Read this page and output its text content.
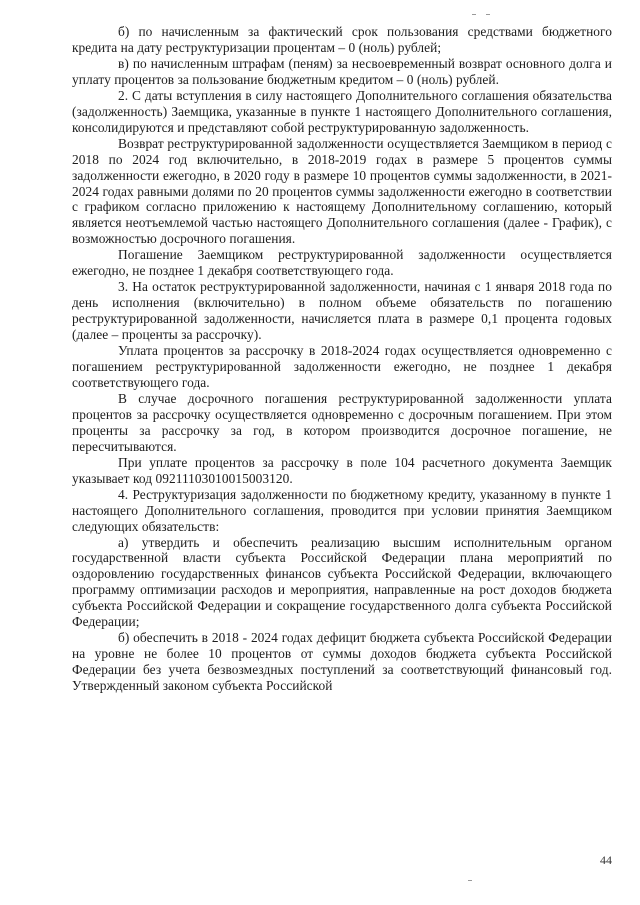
б) по начисленным за фактический срок пользования средствами бюджетного кредита на дату реструктуризации процентам – 0 (ноль) рублей;

в) по начисленным штрафам (пеням) за несвоевременный возврат основного долга и уплату процентов за пользование бюджетным кредитом – 0 (ноль) рублей.

2. С даты вступления в силу настоящего Дополнительного соглашения обязательства (задолженность) Заемщика, указанные в пункте 1 настоящего Дополнительного соглашения, консолидируются и представляют собой реструктурированную задолженность.

Возврат реструктурированной задолженности осуществляется Заемщиком в период с 2018 по 2024 год включительно, в 2018-2019 годах в размере 5 процентов суммы задолженности ежегодно, в 2020 году в размере 10 процентов суммы задолженности, в 2021-2024 годах равными долями по 20 процентов суммы задолженности ежегодно в соответствии с графиком согласно приложению к настоящему Дополнительному соглашению, который является неотъемлемой частью настоящего Дополнительного соглашения (далее - График), с возможностью досрочного погашения.

Погашение Заемщиком реструктурированной задолженности осуществляется ежегодно, не позднее 1 декабря соответствующего года.

3. На остаток реструктурированной задолженности, начиная с 1 января 2018 года по день исполнения (включительно) в полном объеме обязательств по погашению реструктурированной задолженности, начисляется плата в размере 0,1 процента годовых (далее – проценты за рассрочку).

Уплата процентов за рассрочку в 2018-2024 годах осуществляется одновременно с погашением реструктурированной задолженности ежегодно, не позднее 1 декабря соответствующего года.

В случае досрочного погашения реструктурированной задолженности уплата процентов за рассрочку осуществляется одновременно с досрочным погашением. При этом проценты за рассрочку за год, в котором производится досрочное погашение, не пересчитываются.

При уплате процентов за рассрочку в поле 104 расчетного документа Заемщик указывает код 09211103010015003120.

4. Реструктуризация задолженности по бюджетному кредиту, указанному в пункте 1 настоящего Дополнительного соглашения, проводится при условии принятия Заемщиком следующих обязательств:

а) утвердить и обеспечить реализацию высшим исполнительным органом государственной власти субъекта Российской Федерации плана мероприятий по оздоровлению государственных финансов субъекта Российской Федерации, включающего программу оптимизации расходов и мероприятия, направленные на рост доходов бюджета субъекта Российской Федерации и сокращение государственного долга субъекта Российской Федерации;

б) обеспечить в 2018 - 2024 годах дефицит бюджета субъекта Российской Федерации на уровне не более 10 процентов от суммы доходов бюджета субъекта Российской Федерации без учета безвозмездных поступлений за соответствующий финансовый год. Утвержденный законом субъекта Российской

44
